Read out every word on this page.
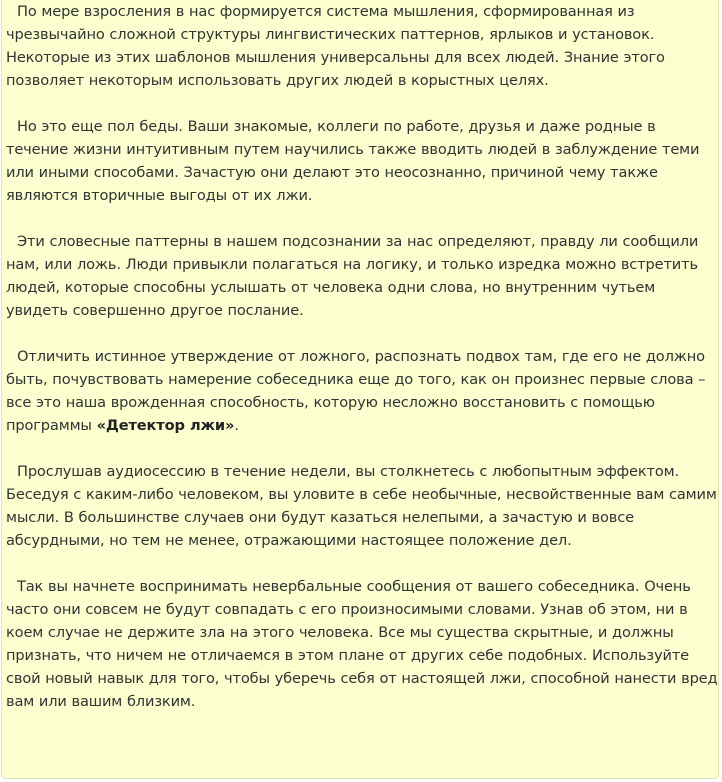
По мере взросления в нас формируется система мышления, сформированная из чрезвычайно сложной структуры лингвистических паттернов, ярлыков и установок. Некоторые из этих шаблонов мышления универсальны для всех людей. Знание этого позволяет некоторым использовать других людей в корыстных целях.

Но это еще пол беды. Ваши знакомые, коллеги по работе, друзья и даже родные в течение жизни интуитивным путем научились также вводить людей в заблуждение теми или иными способами. Зачастую они делают это неосознанно, причиной чему также являются вторичные выгоды от их лжи.

Эти словесные паттерны в нашем подсознании за нас определяют, правду ли сообщили нам, или ложь. Люди привыкли полагаться на логику, и только изредка можно встретить людей, которые способны услышать от человека одни слова, но внутренним чутьем увидеть совершенно другое послание.

Отличить истинное утверждение от ложного, распознать подвох там, где его не должно быть, почувствовать намерение собеседника еще до того, как он произнес первые слова – все это наша врожденная способность, которую несложно восстановить с помощью программы «Детектор лжи».

Прослушав аудиосессию в течение недели, вы столкнетесь с любопытным эффектом. Беседуя с каким-либо человеком, вы уловите в себе необычные, несвойственные вам самим мысли. В большинстве случаев они будут казаться нелепыми, а зачастую и вовсе абсурдными, но тем не менее, отражающими настоящее положение дел.

Так вы начнете воспринимать невербальные сообщения от вашего собеседника. Очень часто они совсем не будут совпадать с его произносимыми словами. Узнав об этом, ни в коем случае не держите зла на этого человека. Все мы существа скрытные, и должны признать, что ничем не отличаемся в этом плане от других себе подобных. Используйте свой новый навык для того, чтобы уберечь себя от настоящей лжи, способной нанести вред вам или вашим близким.
